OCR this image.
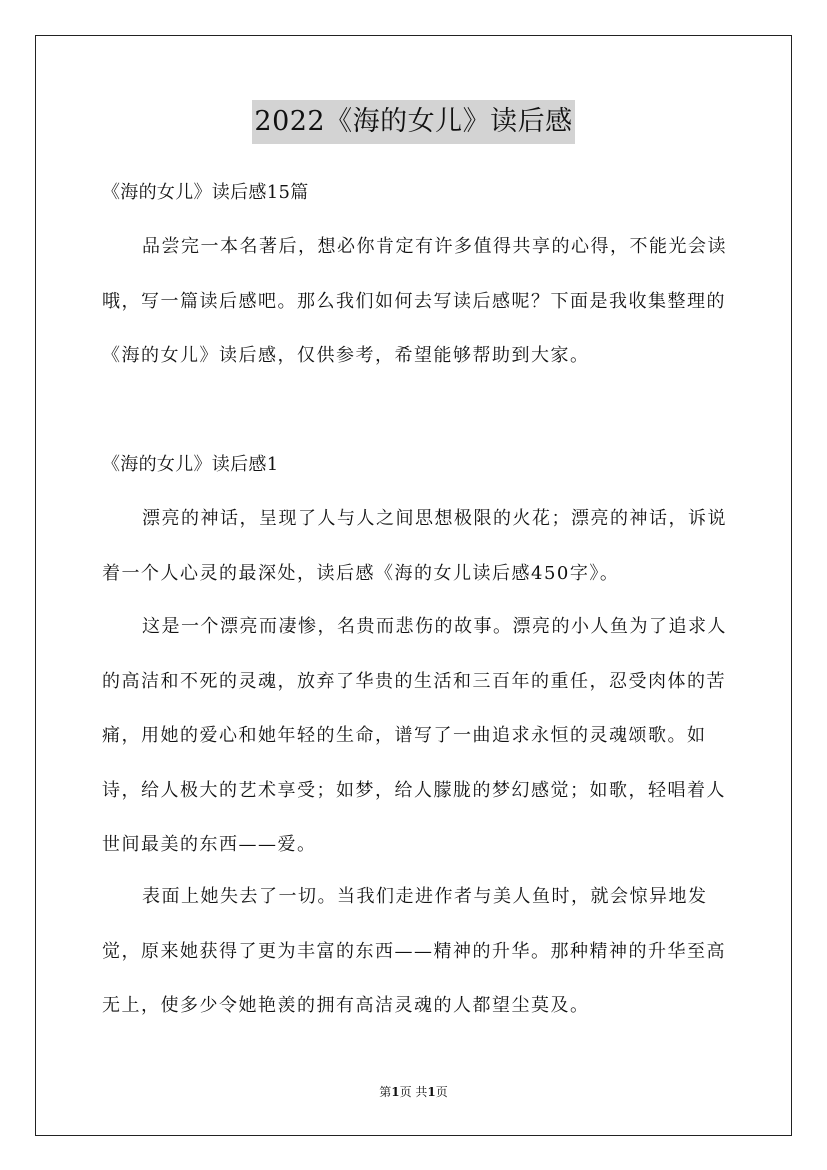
2022《海的女儿》读后感

《海的女儿》读后感15篇

品尝完一本名著后，想必你肯定有许多值得共享的心得，不能光会读哦，写一篇读后感吧。那么我们如何去写读后感呢？下面是我收集整理的《海的女儿》读后感，仅供参考，希望能够帮助到大家。

《海的女儿》读后感1

漂亮的神话，呈现了人与人之间思想极限的火花；漂亮的神话，诉说着一个人心灵的最深处，读后感《海的女儿读后感450字》。

这是一个漂亮而凄惨，名贵而悲伤的故事。漂亮的小人鱼为了追求人的高洁和不死的灵魂，放弃了华贵的生活和三百年的重任，忍受肉体的苦痛，用她的爱心和她年轻的生命，谱写了一曲追求永恒的灵魂颂歌。如诗，给人极大的艺术享受；如梦，给人朦胧的梦幻感觉；如歌，轻唱着人世间最美的东西——爱。

表面上她失去了一切。当我们走进作者与美人鱼时，就会惊异地发觉，原来她获得了更为丰富的东西——精神的升华。那种精神的升华至高无上，使多少令她艳羡的拥有高洁灵魂的人都望尘莫及。

第1页 共1页
